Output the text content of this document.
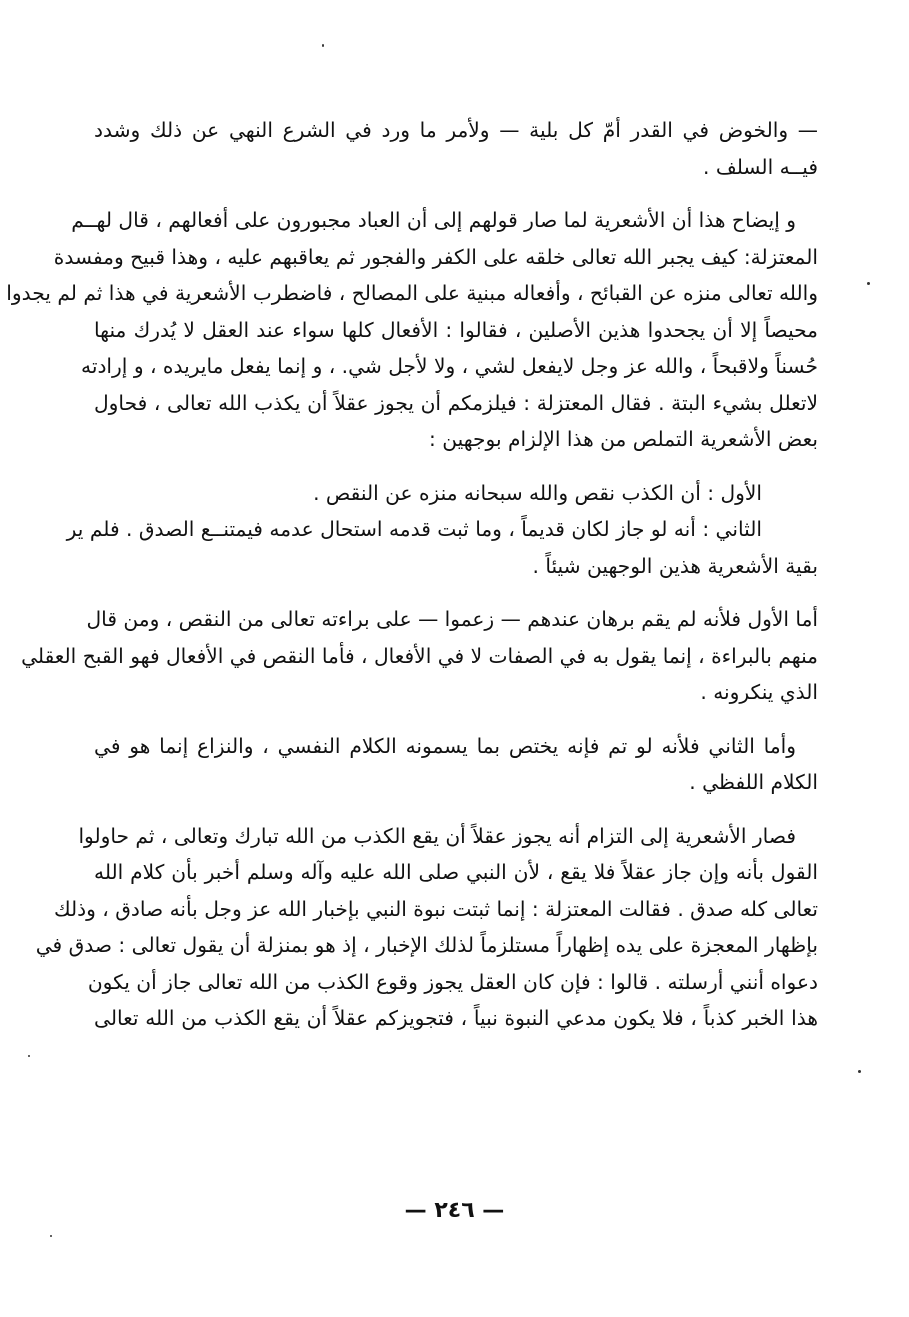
— والخوض في القدر أمّ كل بلية — ولأمر ما ورد في الشرع النهي عن ذلك وشدد
فيــه السلف .
و إيضاح هذا أن الأشعرية لما صار قولهم إلى أن العباد مجبورون على أفعالهم ، قال لهــم
المعتزلة: كيف يجبر الله تعالى خلقه على الكفر والفجور ثم يعاقبهم عليه ، وهذا قبيح ومفسدة
والله تعالى منزه عن القبائح ، وأفعاله مبنية على المصالح ، فاضطرب الأشعرية في هذا ثم لم يجدوا
محيصاً إلا أن يجحدوا هذين الأصلين ، فقالوا : الأفعال كلها سواء عند العقل لا يُدرك منها
حُسناً ولاقبحاً ، والله عز وجل لايفعل لشي ، ولا لأجل شي. ، و إنما يفعل مايريده ، و إرادته
لاتعلل بشيء البتة . فقال المعتزلة : فيلزمكم أن يجوز عقلاً أن يكذب الله تعالى ، فحاول
بعض الأشعرية التملص من هذا الإلزام بوجهين :
الأول : أن الكذب نقص والله سبحانه منزه عن النقص .
الثاني : أنه لو جاز لكان قديماً ، وما ثبت قدمه استحال عدمه فيمتنــع الصدق . فلم ير
بقية الأشعرية هذين الوجهين شيئاً .
أما الأول فلأنه لم يقم برهان عندهم — زعموا — على براءته تعالى من النقص ، ومن قال
منهم بالبراءة ، إنما يقول به في الصفات لا في الأفعال ، فأما النقص في الأفعال فهو القبح العقلي
الذي ينكرونه .
وأما الثاني فلأنه لو تم فإنه يختص بما يسمونه الكلام النفسي ، والنزاع إنما هو في
الكلام اللفظي .
فصار الأشعرية إلى التزام أنه يجوز عقلاً أن يقع الكذب من الله تبارك وتعالى ، ثم حاولوا
القول بأنه وإن جاز عقلاً فلا يقع ، لأن النبي صلى الله عليه وآله وسلم أخبر بأن كلام الله
تعالى كله صدق . فقالت المعتزلة : إنما ثبتت نبوة النبي بإخبار الله عز وجل بأنه صادق ، وذلك
بإظهار المعجزة على يده إظهاراً مستلزماً لذلك الإخبار ، إذ هو بمنزلة أن يقول تعالى : صدق في
دعواه أنني أرسلته . قالوا : فإن كان العقل يجوز وقوع الكذب من الله تعالى جاز أن يكون
هذا الخبر كذباً ، فلا يكون مدعي النبوة نبياً ، فتجويزكم عقلاً أن يقع الكذب من الله تعالى
— ٢٤٦ —
